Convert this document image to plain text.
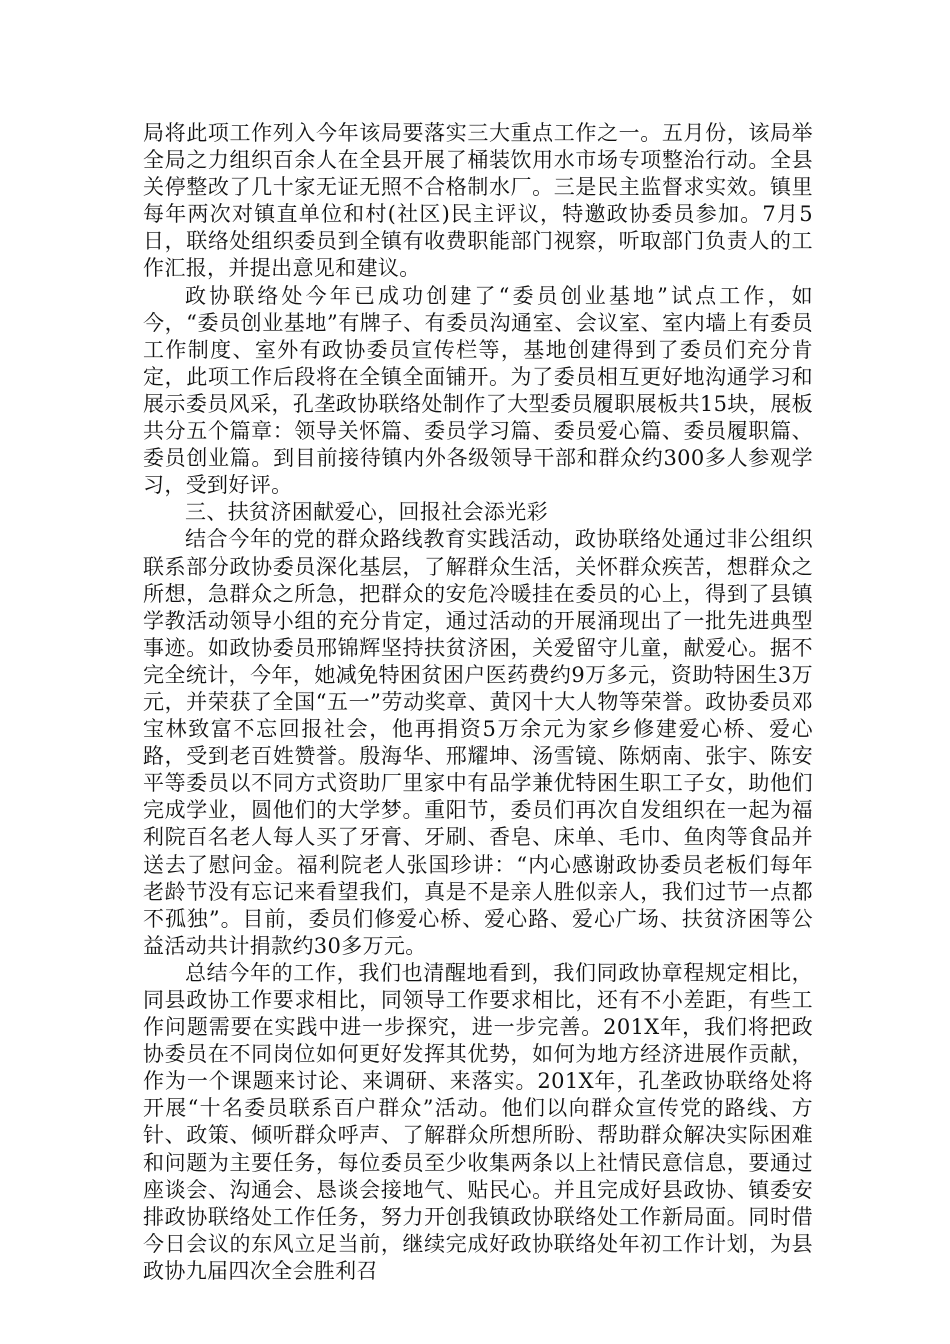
局将此项工作列入今年该局要落实三大重点工作之一。五月份，该局举全局之力组织百余人在全县开展了桶装饮用水市场专项整治行动。全县关停整改了几十家无证无照不合格制水厂。三是民主监督求实效。镇里每年两次对镇直单位和村(社区)民主评议，特邀政协委员参加。7月5日，联络处组织委员到全镇有收费职能部门视察，听取部门负责人的工作汇报，并提出意见和建议。

政协联络处今年已成功创建了“委员创业基地”试点工作，如今，“委员创业基地”有牌子、有委员沟通室、会议室、室内墙上有委员工作制度、室外有政协委员宣传栏等，基地创建得到了委员们充分肯定，此项工作后段将在全镇全面铺开。为了委员相互更好地沟通学习和展示委员风采，孔垄政协联络处制作了大型委员履职展板共15块，展板共分五个篇章：领导关怀篇、委员学习篇、委员爱心篇、委员履职篇、委员创业篇。到目前接待镇内外各级领导干部和群众约300多人参观学习，受到好评。

三、扶贫济困献爱心，回报社会添光彩

结合今年的党的群众路线教育实践活动，政协联络处通过非公组织联系部分政协委员深化基层，了解群众生活，关怀群众疾苦，想群众之所想，急群众之所急，把群众的安危冷暖挂在委员的心上，得到了县镇学教活动领导小组的充分肯定，通过活动的开展涌现出了一批先进典型事迹。如政协委员邢锦辉坚持扶贫济困，关爱留守儿童，献爱心。据不完全统计，今年，她减免特困贫困户医药费约9万多元，资助特困生3万元，并荣获了全国“五一”劳动奖章、黄冈十大人物等荣誉。政协委员邓宝林致富不忘回报社会，他再捐资5万余元为家乡修建爱心桥、爱心路，受到老百姓赞誉。殷海华、邢耀坤、汤雪镜、陈炳南、张宇、陈安平等委员以不同方式资助厂里家中有品学兼优特困生职工子女，助他们完成学业，圆他们的大学梦。重阳节，委员们再次自发组织在一起为福利院百名老人每人买了牙膏、牙刷、香皂、床单、毛巾、鱼肉等食品并送去了慰问金。福利院老人张国珍讲：“内心感谢政协委员老板们每年老龄节没有忘记来看望我们，真是不是亲人胜似亲人，我们过节一点都不孤独”。目前，委员们修爱心桥、爱心路、爱心广场、扶贫济困等公益活动共计捐款约30多万元。

总结今年的工作，我们也清醒地看到，我们同政协章程规定相比，同县政协工作要求相比，同领导工作要求相比，还有不小差距，有些工作问题需要在实践中进一步探究，进一步完善。201X年，我们将把政协委员在不同岗位如何更好发挥其优势，如何为地方经济进展作贡献，作为一个课题来讨论、来调研、来落实。201X年，孔垄政协联络处将开展“十名委员联系百户群众”活动。他们以向群众宣传党的路线、方针、政策、倾听群众呼声、了解群众所想所盼、帮助群众解决实际困难和问题为主要任务，每位委员至少收集两条以上社情民意信息，要通过座谈会、沟通会、恳谈会接地气、贴民心。并且完成好县政协、镇委安排政协联络处工作任务，努力开创我镇政协联络处工作新局面。同时借今日会议的东风立足当前，继续完成好政协联络处年初工作计划，为县政协九届四次全会胜利召
